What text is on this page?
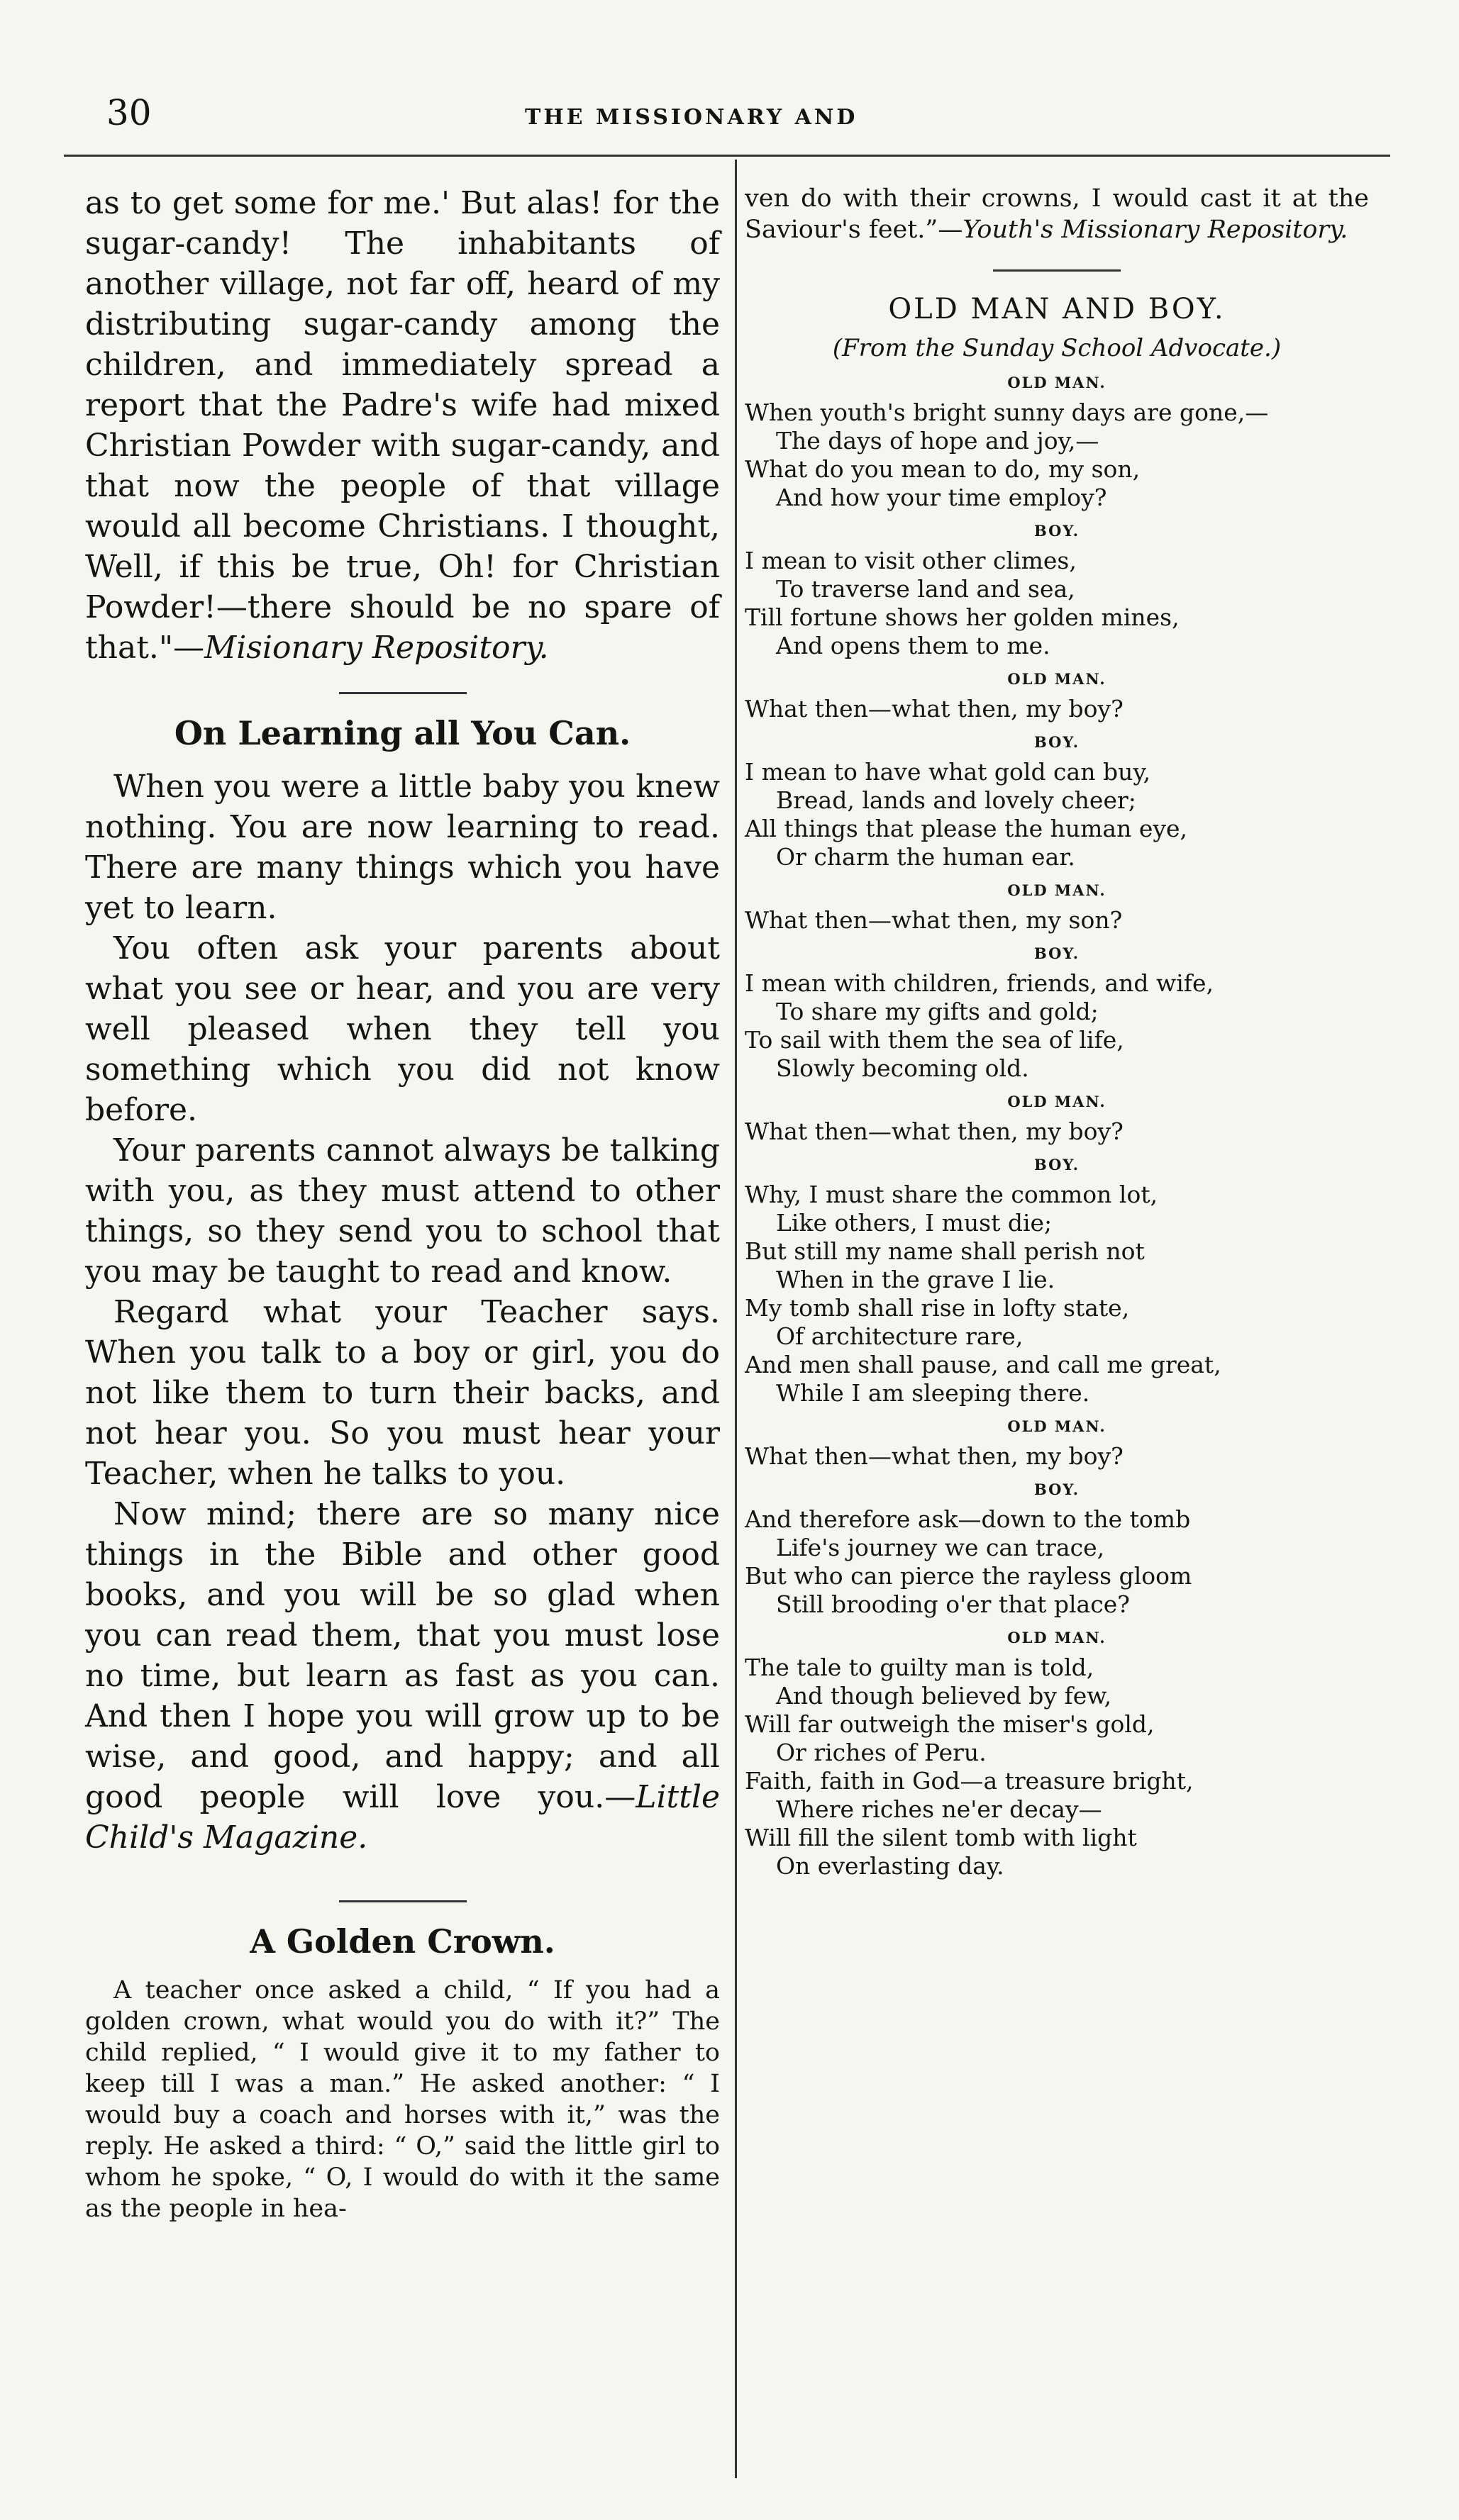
30	THE MISSIONARY AND

as to get some for me.' But alas! for the sugar-candy! The inhabitants of another village, not far off, heard of my distributing sugar-candy among the children, and immediately spread a report that the Padre's wife had mixed Christian Powder with sugar-candy, and that now the people of that village would all become Christians. I thought, Well, if this be true, Oh! for Christian Powder!—there should be no spare of that."—Misionary Repository.

On Learning all You Can.

When you were a little baby you knew nothing. You are now learning to read. There are many things which you have yet to learn.

You often ask your parents about what you see or hear, and you are very well pleased when they tell you something which you did not know before.

Your parents cannot always be talking with you, as they must attend to other things, so they send you to school that you may be taught to read and know.

Regard what your Teacher says. When you talk to a boy or girl, you do not like them to turn their backs, and not hear you. So you must hear your Teacher, when he talks to you.

Now mind; there are so many nice things in the Bible and other good books, and you will be so glad when you can read them, that you must lose no time, but learn as fast as you can. And then I hope you will grow up to be wise, and good, and happy; and all good people will love you.—Little Child's Magazine.

A Golden Crown.

A teacher once asked a child, “ If you had a golden crown, what would you do with it?” The child replied, “ I would give it to my father to keep till I was a man.” He asked another: “ I would buy a coach and horses with it,” was the reply. He asked a third: “ O,” said the little girl to whom he spoke, “ O, I would do with it the same as the people in hea-

ven do with their crowns, I would cast it at the Saviour's feet.”—Youth's Missionary Repository.

OLD MAN AND BOY.
(From the Sunday School Advocate.)
OLD MAN.
When youth's bright sunny days are gone,—
The days of hope and joy,—
What do you mean to do, my son,
And how your time employ?
BOY.
I mean to visit other climes,
To traverse land and sea,
Till fortune shows her golden mines,
And opens them to me.
OLD MAN.
What then—what then, my boy?
BOY.
I mean to have what gold can buy,
Bread, lands and lovely cheer;
All things that please the human eye,
Or charm the human ear.
OLD MAN.
What then—what then, my son?
BOY.
I mean with children, friends, and wife,
To share my gifts and gold;
To sail with them the sea of life,
Slowly becoming old.
OLD MAN.
What then—what then, my boy?
BOY.
Why, I must share the common lot,
Like others, I must die;
But still my name shall perish not
When in the grave I lie.
My tomb shall rise in lofty state,
Of architecture rare,
And men shall pause, and call me great,
While I am sleeping there.
OLD MAN.
What then—what then, my boy?
BOY.
And therefore ask—down to the tomb
Life's journey we can trace,
But who can pierce the rayless gloom
Still brooding o'er that place?
OLD MAN.
The tale to guilty man is told,
And though believed by few,
Will far outweigh the miser's gold,
Or riches of Peru.
Faith, faith in God—a treasure bright,
Where riches ne'er decay—
Will fill the silent tomb with light
On everlasting day.
